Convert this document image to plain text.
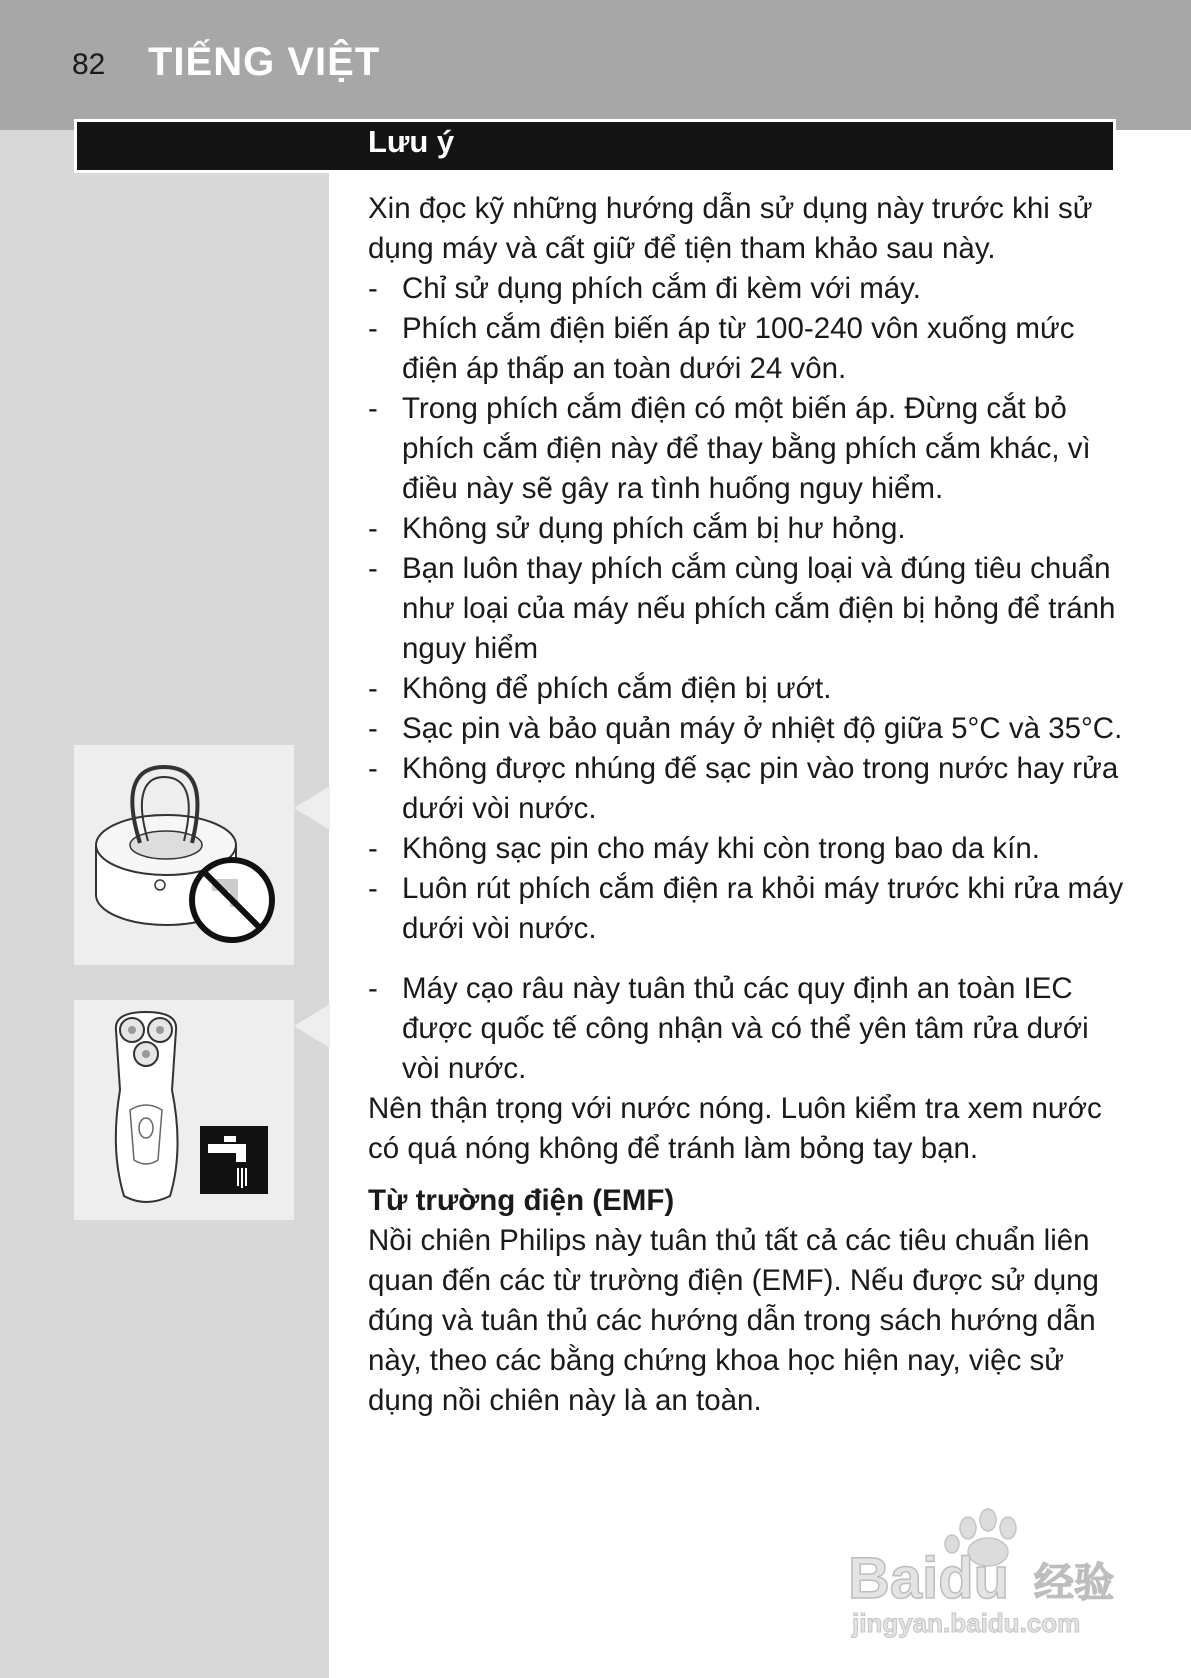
82 TIẾNG VIỆT
Lưu ý

Xin đọc kỹ những hướng dẫn sử dụng này trước khi sử dụng máy và cất giữ để tiện tham khảo sau này.

- Chỉ sử dụng phích cắm đi kèm với máy.
- Phích cắm điện biến áp từ 100-240 vôn xuống mức điện áp thấp an toàn dưới 24 vôn.
- Trong phích cắm điện có một biến áp. Đừng cắt bỏ phích cắm điện này để thay bằng phích cắm khác, vì điều này sẽ gây ra tình huống nguy hiểm.
- Không sử dụng phích cắm bị hư hỏng.
- Bạn luôn thay phích cắm cùng loại và đúng tiêu chuẩn như loại của máy nếu phích cắm điện bị hỏng để tránh nguy hiểm
- Không để phích cắm điện bị ướt.
- Sạc pin và bảo quản máy ở nhiệt độ giữa 5°C và 35°C.
- Không được nhúng đế sạc pin vào trong nước hay rửa dưới vòi nước.
- Không sạc pin cho máy khi còn trong bao da kín.
- Luôn rút phích cắm điện ra khỏi máy trước khi rửa máy dưới vòi nước.
- Máy cạo râu này tuân thủ các quy định an toàn IEC được quốc tế công nhận và có thể yên tâm rửa dưới vòi nước.

Nên thận trọng với nước nóng. Luôn kiểm tra xem nước có quá nóng không để tránh làm bỏng tay bạn.

Từ trường điện (EMF)

Nồi chiên Philips này tuân thủ tất cả các tiêu chuẩn liên quan đến các từ trường điện (EMF). Nếu được sử dụng đúng và tuân thủ các hướng dẫn trong sách hướng dẫn này, theo các bằng chứng khoa học hiện nay, việc sử dụng nồi chiên này là an toàn.

Baidu 经验
jingyan.baidu.com
